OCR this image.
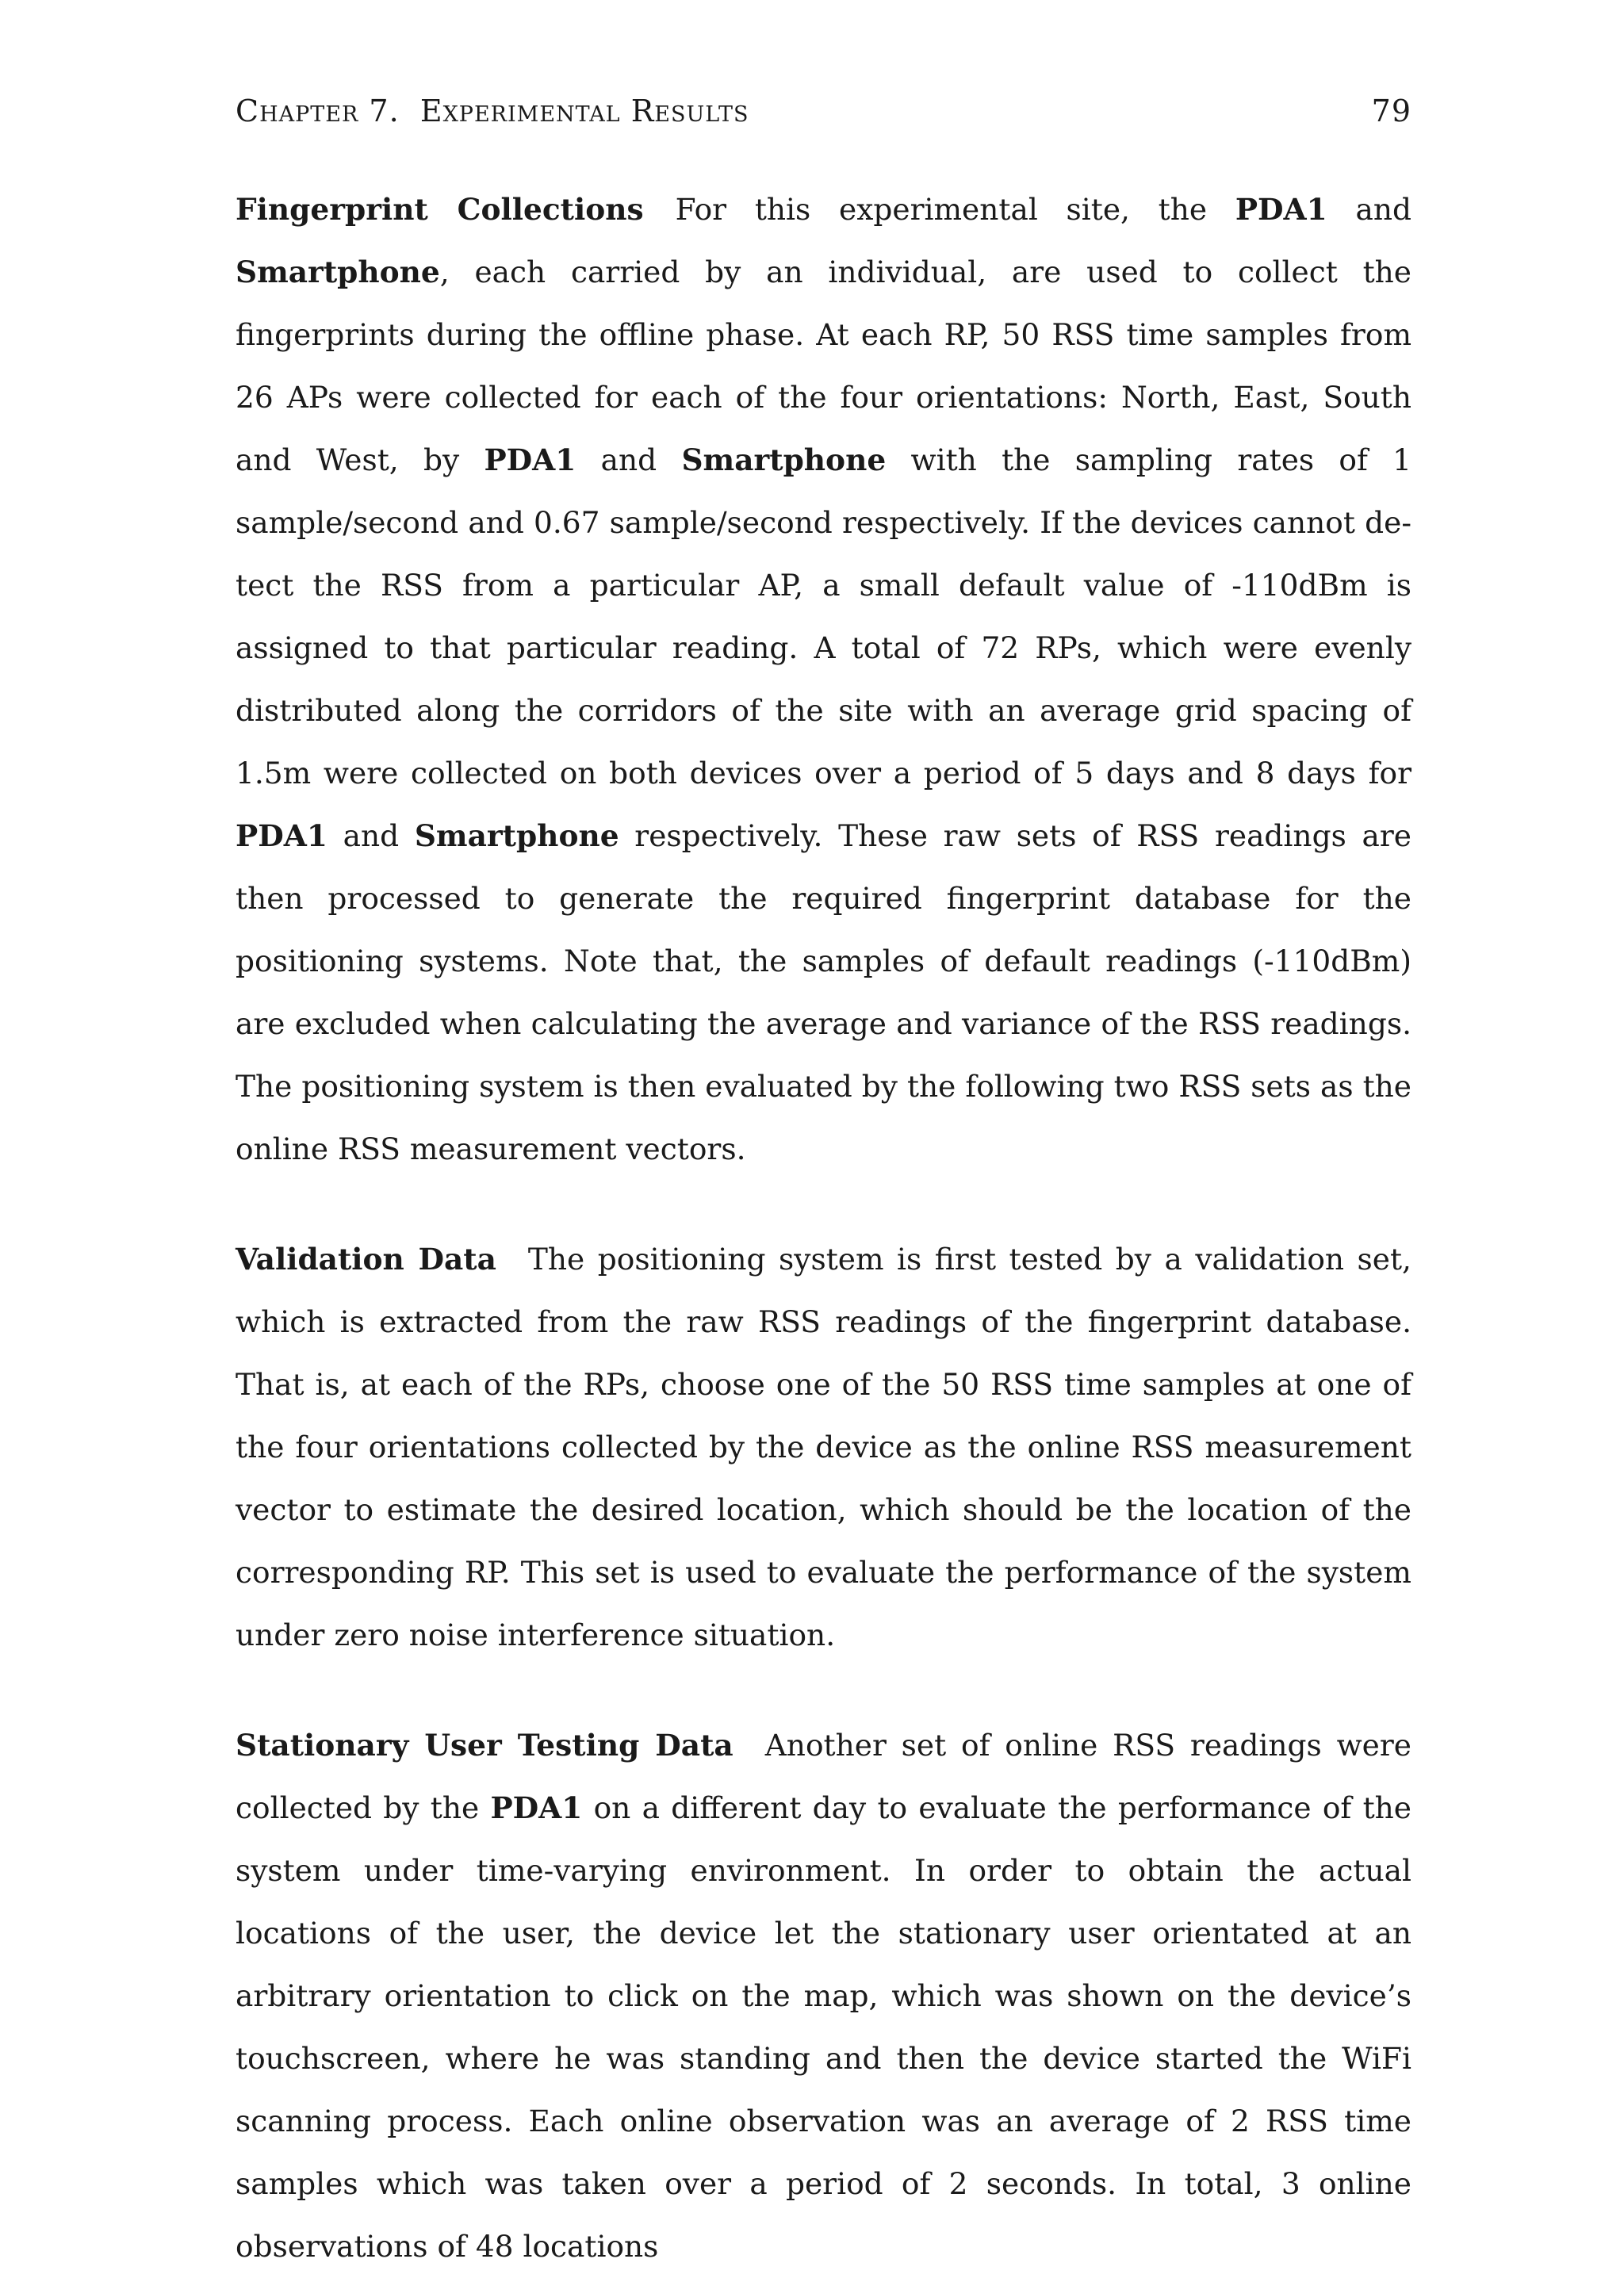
Chapter 7. Experimental Results	79

Fingerprint Collections For this experimental site, the PDA1 and Smartphone, each carried by an individual, are used to collect the fingerprints during the offline phase. At each RP, 50 RSS time samples from 26 APs were collected for each of the four orientations: North, East, South and West, by PDA1 and Smartphone with the sampling rates of 1 sample/second and 0.67 sample/second respectively. If the devices cannot detect the RSS from a particular AP, a small default value of -110dBm is assigned to that particular reading. A total of 72 RPs, which were evenly distributed along the corridors of the site with an average grid spacing of 1.5m were collected on both devices over a period of 5 days and 8 days for PDA1 and Smartphone respectively. These raw sets of RSS readings are then processed to generate the required fingerprint database for the positioning systems. Note that, the samples of default readings (-110dBm) are excluded when calculating the average and variance of the RSS readings. The positioning system is then evaluated by the following two RSS sets as the online RSS measurement vectors.

Validation Data The positioning system is first tested by a validation set, which is extracted from the raw RSS readings of the fingerprint database. That is, at each of the RPs, choose one of the 50 RSS time samples at one of the four orientations collected by the device as the online RSS measurement vector to estimate the desired location, which should be the location of the corresponding RP. This set is used to evaluate the performance of the system under zero noise interference situation.

Stationary User Testing Data Another set of online RSS readings were collected by the PDA1 on a different day to evaluate the performance of the system under time-varying environment. In order to obtain the actual locations of the user, the device let the stationary user orientated at an arbitrary orientation to click on the map, which was shown on the device’s touchscreen, where he was standing and then the device started the WiFi scanning process. Each online observation was an average of 2 RSS time samples which was taken over a period of 2 seconds. In total, 3 online observations of 48 locations
